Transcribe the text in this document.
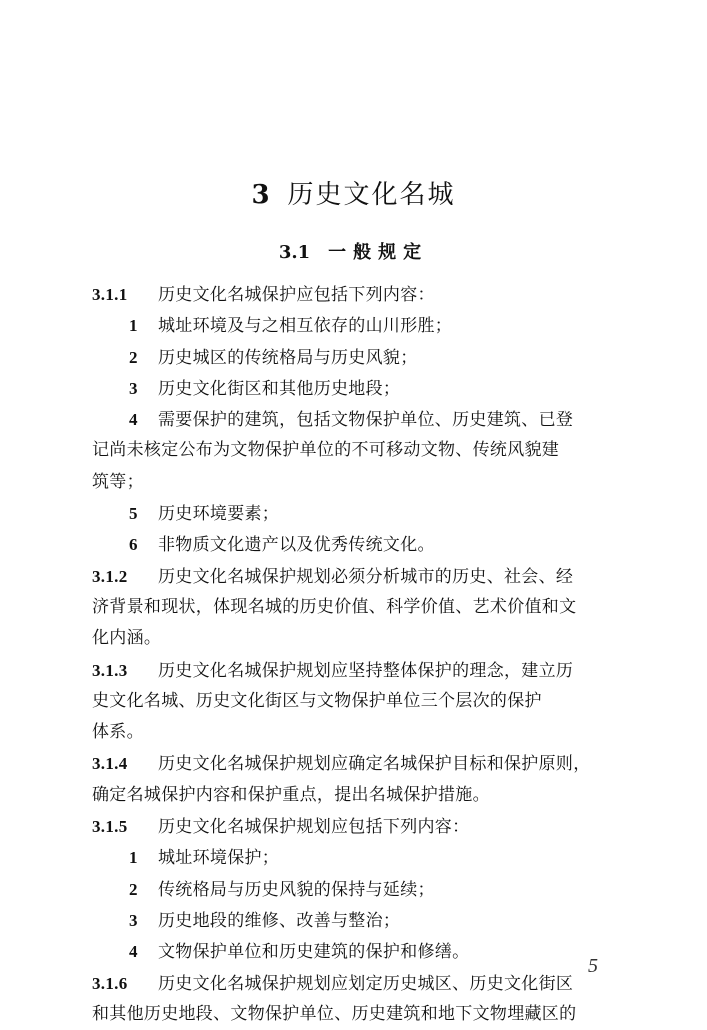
3 历史文化名城
3.1 一般规定
3.1.1 历史文化名城保护应包括下列内容：
1 城址环境及与之相互依存的山川形胜；
2 历史城区的传统格局与历史风貌；
3 历史文化街区和其他历史地段；
4 需要保护的建筑，包括文物保护单位、历史建筑、已登
记尚未核定公布为文物保护单位的不可移动文物、传统风貌建
筑等；
5 历史环境要素；
6 非物质文化遗产以及优秀传统文化。
3.1.2 历史文化名城保护规划必须分析城市的历史、社会、经
济背景和现状，体现名城的历史价值、科学价值、艺术价值和文
化内涵。
3.1.3 历史文化名城保护规划应坚持整体保护的理念，建立历
史文化名城、历史文化街区与文物保护单位三个层次的保护
体系。
3.1.4 历史文化名城保护规划应确定名城保护目标和保护原则，
确定名城保护内容和保护重点，提出名城保护措施。
3.1.5 历史文化名城保护规划应包括下列内容：
1 城址环境保护；
2 传统格局与历史风貌的保持与延续；
3 历史地段的维修、改善与整治；
4 文物保护单位和历史建筑的保护和修缮。
3.1.6 历史文化名城保护规划应划定历史城区、历史文化街区
和其他历史地段、文物保护单位、历史建筑和地下文物埋藏区的
5
